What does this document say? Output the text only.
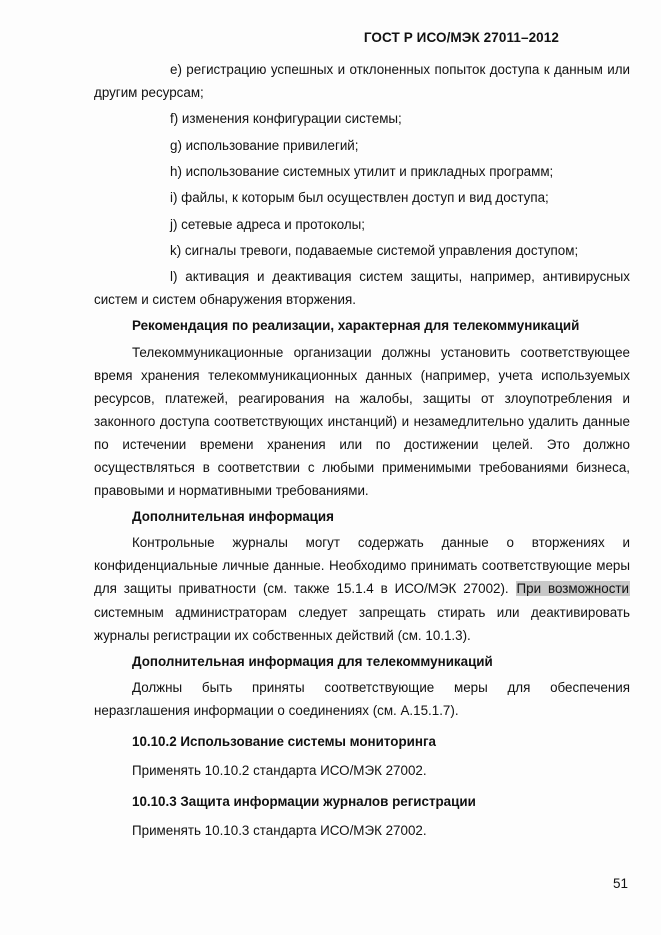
ГОСТ Р ИСО/МЭК 27011–2012

e) регистрацию успешных и отклоненных попыток доступа к данным или другим ресурсам;

f) изменения конфигурации системы;

g) использование привилегий;

h) использование системных утилит и прикладных программ;

i) файлы, к которым был осуществлен доступ и вид доступа;

j) сетевые адреса и протоколы;

k) сигналы тревоги, подаваемые системой управления доступом;

l) активация и деактивация систем защиты, например, антивирусных систем и систем обнаружения вторжения.

Рекомендация по реализации, характерная для телекоммуникаций

Телекоммуникационные организации должны установить соответствующее время хранения телекоммуникационных данных (например, учета используемых ресурсов, платежей, реагирования на жалобы, защиты от злоупотребления и законного доступа соответствующих инстанций) и незамедлительно удалить данные по истечении времени хранения или по достижении целей. Это должно осуществляться в соответствии с любыми применимыми требованиями бизнеса, правовыми и нормативными требованиями.

Дополнительная информация

Контрольные журналы могут содержать данные о вторжениях и конфиденциальные личные данные. Необходимо принимать соответствующие меры для защиты приватности (см. также 15.1.4 в ИСО/МЭК 27002). При возможности системным администраторам следует запрещать стирать или деактивировать журналы регистрации их собственных действий (см. 10.1.3).

Дополнительная информация для телекоммуникаций

Должны быть приняты соответствующие меры для обеспечения неразглашения информации о соединениях (см. А.15.1.7).

10.10.2 Использование системы мониторинга

Применять 10.10.2 стандарта ИСО/МЭК 27002.

10.10.3 Защита информации журналов регистрации

Применять 10.10.3 стандарта ИСО/МЭК 27002.

51
